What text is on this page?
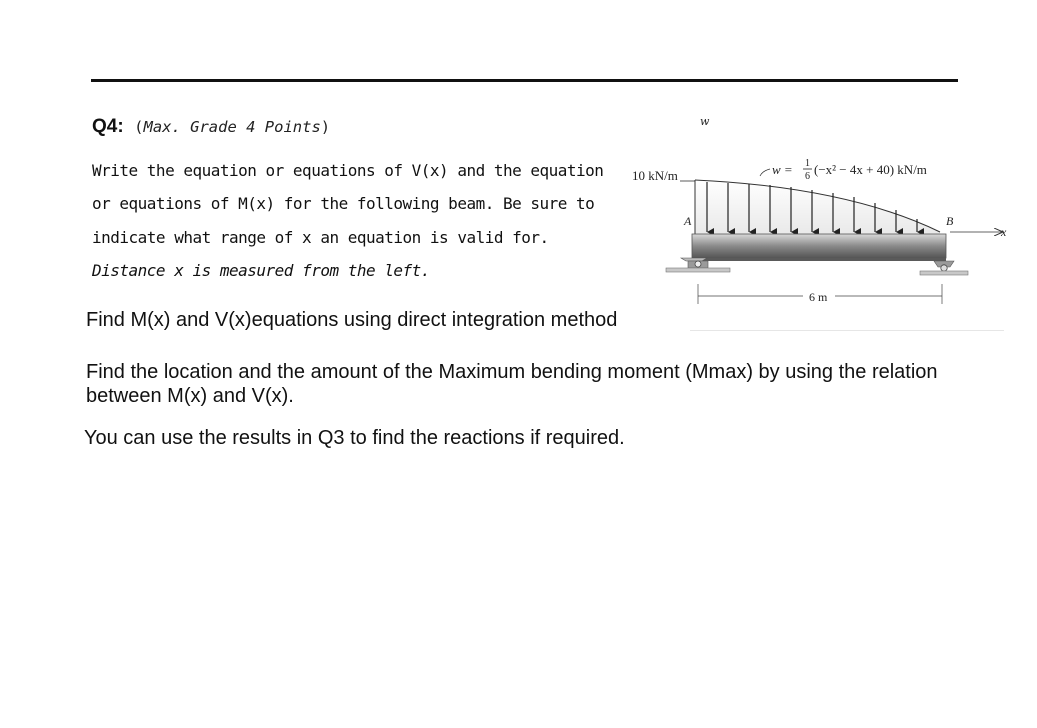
Q4: (Max. Grade 4 Points)
Write the equation or equations of V(x) and the equation
or equations of M(x) for the following beam. Be sure to
indicate what range of x an equation is valid for.
Distance x is measured from the left.
w
10 kN/m	w = 1
6 (−x² − 4x + 40) kN/m
A	B
x
6 m
Find M(x) and V(x)equations using direct integration method
Find the location and the amount of the Maximum bending moment (Mmax) by using the relation between M(x) and V(x).
You can use the results in Q3 to find the reactions if required.
